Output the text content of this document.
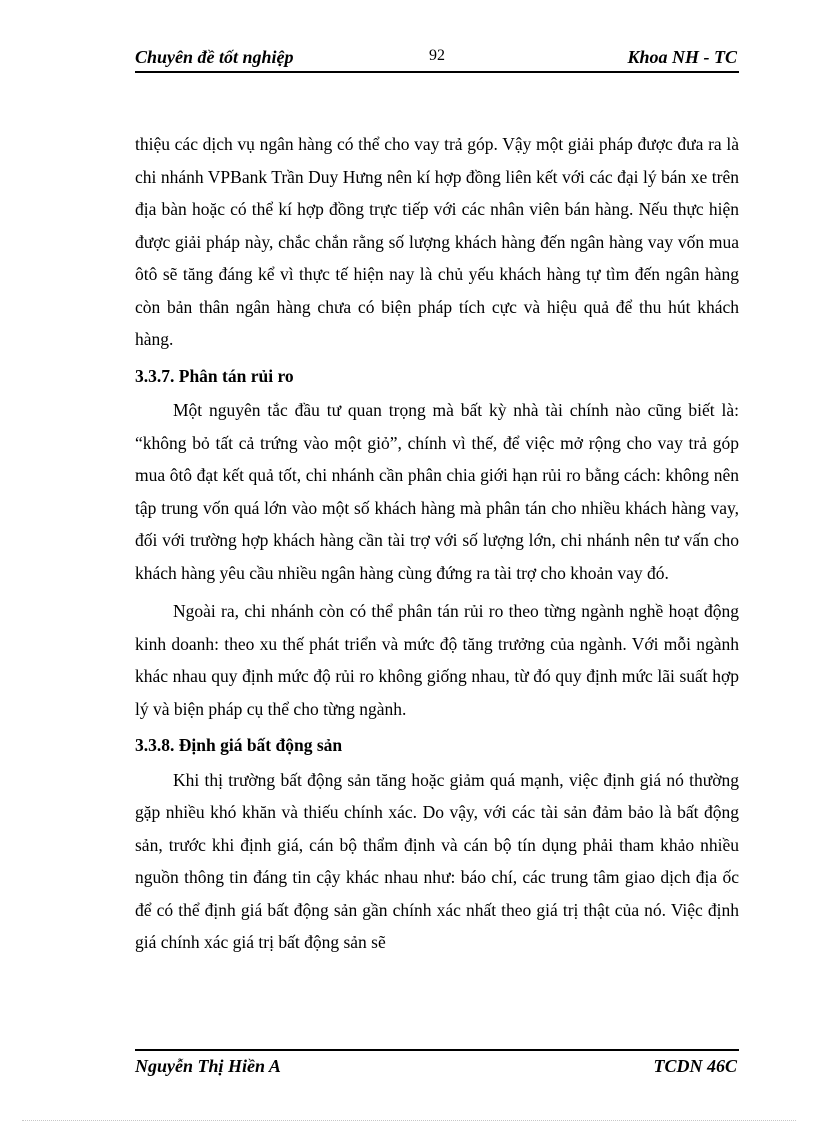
Chuyên đề tốt nghiệp	92	Khoa NH - TC

thiệu các dịch vụ ngân hàng có thể cho vay trả góp. Vậy một giải pháp được đưa ra là chi nhánh VPBank Trần Duy Hưng nên kí hợp đồng liên kết với các đại lý bán xe trên địa bàn hoặc có thể kí hợp đồng trực tiếp với các nhân viên bán hàng. Nếu thực hiện được giải pháp này, chắc chắn rằng số lượng khách hàng đến ngân hàng vay vốn mua ôtô sẽ tăng đáng kể vì thực tế hiện nay là chủ yếu khách hàng tự tìm đến ngân hàng còn bản thân ngân hàng chưa có biện pháp tích cực và hiệu quả để thu hút khách hàng.

3.3.7. Phân tán rủi ro

Một nguyên tắc đầu tư quan trọng mà bất kỳ nhà tài chính nào cũng biết là: “không bỏ tất cả trứng vào một giỏ”, chính vì thế, để việc mở rộng cho vay trả góp mua ôtô đạt kết quả tốt, chi nhánh cần phân chia giới hạn rủi ro bằng cách: không nên tập trung vốn quá lớn vào một số khách hàng mà phân tán cho nhiều khách hàng vay, đối với trường hợp khách hàng cần tài trợ với số lượng lớn, chi nhánh nên tư vấn cho khách hàng yêu cầu nhiều ngân hàng cùng đứng ra tài trợ cho khoản vay đó.

Ngoài ra, chi nhánh còn có thể phân tán rủi ro theo từng ngành nghề hoạt động kinh doanh: theo xu thế phát triển và mức độ tăng trưởng của ngành. Với mỗi ngành khác nhau quy định mức độ rủi ro không giống nhau, từ đó quy định mức lãi suất hợp lý và biện pháp cụ thể cho từng ngành.

3.3.8. Định giá bất động sản

Khi thị trường bất động sản tăng hoặc giảm quá mạnh, việc định giá nó thường gặp nhiều khó khăn và thiếu chính xác. Do vậy, với các tài sản đảm bảo là bất động sản, trước khi định giá, cán bộ thẩm định và cán bộ tín dụng phải tham khảo nhiều nguồn thông tin đáng tin cậy khác nhau như: báo chí, các trung tâm giao dịch địa ốc để có thể định giá bất động sản gần chính xác nhất theo giá trị thật của nó. Việc định giá chính xác giá trị bất động sản sẽ

Nguyễn Thị Hiền A	TCDN 46C
